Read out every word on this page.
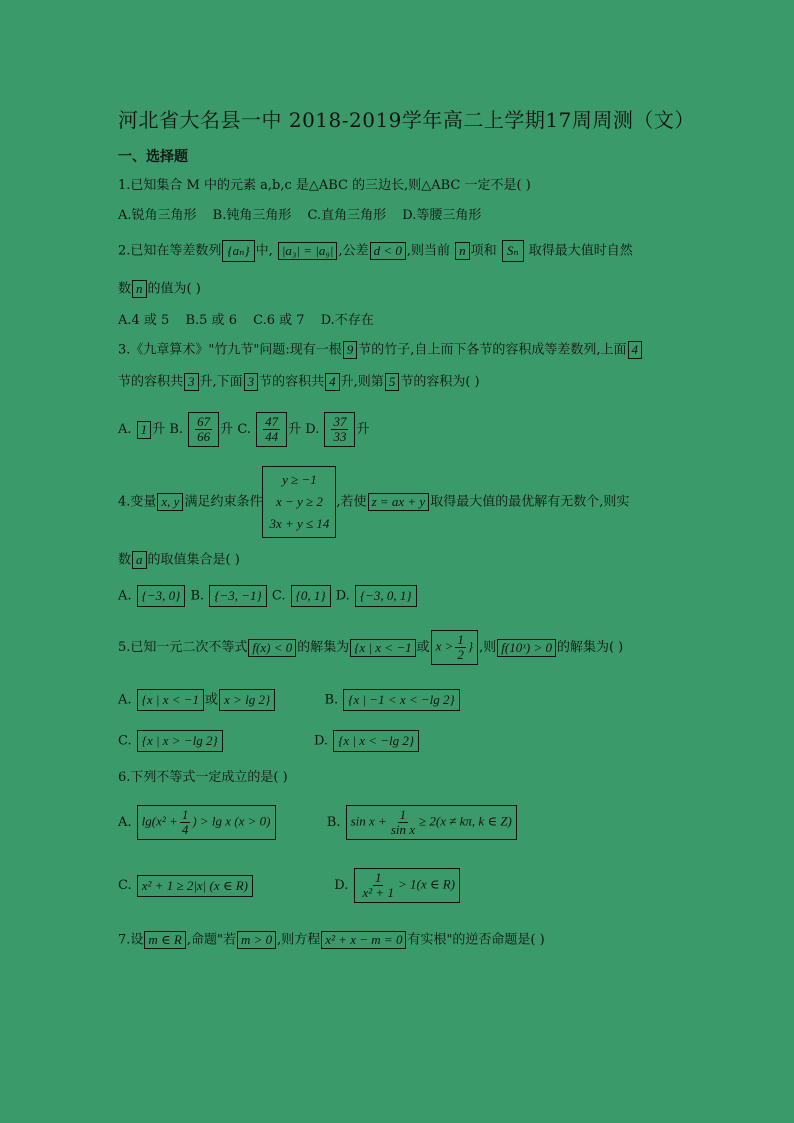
河北省大名县一中 2018-2019学年高二上学期17周周测（文）
一、选择题
1.已知集合 M 中的元素 a,b,c 是△ABC 的三边长,则△ABC 一定不是( )
A.锐角三角形 B.钝角三角形 C.直角三角形 D.等腰三角形
2.已知在等差数列 {aₙ} 中, |a₃| = |a₉| ,公差 d < 0 ,则当前 n 项和 Sₙ 取得最大值时自然
数 n 的值为( )
A.4 或 5 B.5 或 6 C.6 或 7 D.不存在
3.《九章算术》"竹九节"问题:现有一根 9 节的竹子,自上而下各节的容积成等差数列,上面 4
节的容积共 3 升,下面 3 节的容积共 4 升,则第 5 节的容积为( )
A. 1 升 B. $\frac{67}{66}$ 升 C. $\frac{47}{44}$ 升 D. $\frac{37}{33}$ 升
4.变量 x, y 满足约束条件
y ≥ −1
x − y ≥ 2
3x + y ≤ 14
,若使 z = ax + y 取得最大值的最优解有无数个,则实
数 a 的取值集合是( )
A. {−3, 0} B. {−3, −1} C. {0, 1} D. {−3, 0, 1}
5.已知一元二次不等式 f(x) < 0 的解集为 {x | x < −1 或 $x > \frac{1}{2}$ } ,则 f(10ˣ) > 0 的解集为( )
A. {x | x < −1 或 x > lg 2}	B. {x | −1 < x < −lg 2}
C. {x | x > −lg 2}	D. {x | x < −lg 2}
6.下列不等式一定成立的是( )
A. $\lg(x^2 + \frac{1}{4}$ ) > lg x (x > 0)	B. $\sin x + \frac{1}{\text{sin x}} \ge 2(x \ne k\pi$, k ∈ Z)
C. x² + 1 ≥ 2|x| (x ∈ R)	D. $\frac{1}{\text{x² + 1}} > 1(x$ ∈ R)
7.设 m ∈ R ,命题"若 m > 0 ,则方程 x² + x − m = 0 有实根"的逆否命题是( )
